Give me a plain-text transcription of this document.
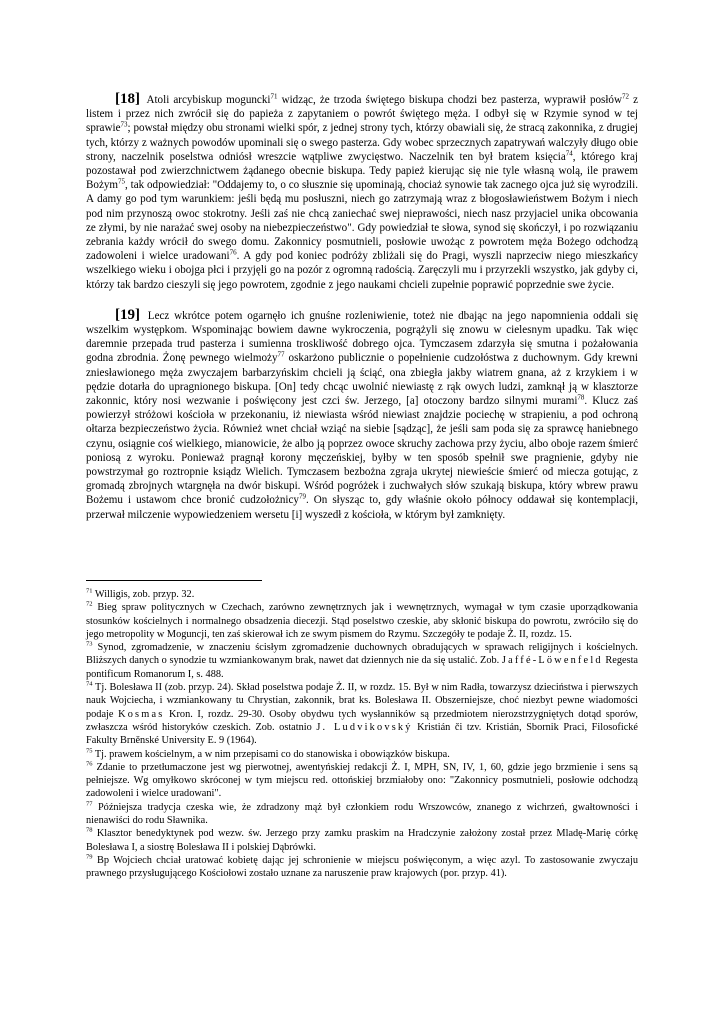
[18] Atoli arcybiskup moguncki$^{71}$ widząc, że trzoda świętego biskupa chodzi bez pasterza, wyprawił posłów$^{72}$ z listem i przez nich zwrócił się do papieża z zapytaniem o powrót świętego męża. I odbył się w Rzymie synod w tej sprawie$^{73}$; powstał między obu stronami wielki spór, z jednej strony tych, którzy obawiali się, że stracą zakonnika, z drugiej tych, którzy z ważnych powodów upominali się o swego pasterza. Gdy wobec sprzecznych zapatrywań walczyły długo obie strony, naczelnik poselstwa odniósł wreszcie wątpliwe zwycięstwo. Naczelnik ten był bratem księcia$^{74}$, którego kraj pozostawał pod zwierzchnictwem żądanego obecnie biskupa. Tedy papież kierując się nie tyle własną wolą, ile prawem Bożym$^{75}$, tak odpowiedział: "Oddajemy to, o co słusznie się upominają, chociaż synowie tak zacnego ojca już się wyrodzili. A damy go pod tym warunkiem: jeśli będą mu posłuszni, niech go zatrzymają wraz z błogosławieństwem Bożym i niech pod nim przynoszą owoc stokrotny. Jeśli zaś nie chcą zaniechać swej nieprawości, niech nasz przyjaciel unika obcowania ze złymi, by nie narażać swej osoby na niebezpieczeństwo". Gdy powiedział te słowa, synod się skończył, i po rozwiązaniu zebrania każdy wrócił do swego domu. Zakonnicy posmutnieli, posłowie uwożąc z powrotem męża Bożego odchodzą zadowoleni i wielce uradowani$^{76}$. A gdy pod koniec podróży zbliżali się do Pragi, wyszli naprzeciw niego mieszkańcy wszelkiego wieku i obojga płci i przyjęli go na pozór z ogromną radością. Zaręczyli mu i przyrzekli wszystko, jak gdyby ci, którzy tak bardzo cieszyli się jego powrotem, zgodnie z jego naukami chcieli zupełnie poprawić poprzednie swe życie.

[19] Lecz wkrótce potem ogarnęło ich gnuśne rozleniwienie, toteż nie dbając na jego napomnienia oddali się wszelkim występkom. Wspominając bowiem dawne wykroczenia, pogrążyli się znowu w cielesnym upadku. Tak więc daremnie przepada trud pasterza i sumienna troskliwość dobrego ojca. Tymczasem zdarzyła się smutna i pożałowania godna zbrodnia. Żonę pewnego wielmoży$^{77}$ oskarżono publicznie o popełnienie cudzołóstwa z duchownym. Gdy krewni zniesławionego męża zwyczajem barbarzyńskim chcieli ją ściąć, ona zbiegła jakby wiatrem gnana, aż z krzykiem i w pędzie dotarła do upragnionego biskupa. [On] tedy chcąc uwolnić niewiastę z rąk owych ludzi, zamknął ją w klasztorze zakonnic, który nosi wezwanie i poświęcony jest czci św. Jerzego, [a] otoczony bardzo silnymi murami$^{78}$. Klucz zaś powierzył stróżowi kościoła w przekonaniu, iż niewiasta wśród niewiast znajdzie pociechę w strapieniu, a pod ochroną ołtarza bezpieczeństwo życia. Również wnet chciał wziąć na siebie [sądząc], że jeśli sam poda się za sprawcę haniebnego czynu, osiągnie coś wielkiego, mianowicie, że albo ją poprzez owoce skruchy zachowa przy życiu, albo oboje razem śmierć poniosą z wyroku. Ponieważ pragnął korony męczeńskiej, byłby w ten sposób spełnił swe pragnienie, gdyby nie powstrzymał go roztropnie ksiądz Wielich. Tymczasem bezbożna zgraja ukrytej niewieście śmierć od miecza gotując, z gromadą zbrojnych wtargnęła na dwór biskupi. Wśród pogróżek i zuchwałych słów szukają biskupa, który wbrew prawu Bożemu i ustawom chce bronić cudzołożnicy$^{79}$. On słysząc to, gdy właśnie około północy oddawał się kontemplacji, przerwał milczenie wypowiedzeniem wersetu [i] wyszedł z kościoła, w którym był zamknięty.

$^{71}$ Willigis, zob. przyp. 32.

$^{72}$ Bieg spraw politycznych w Czechach, zarówno zewnętrznych jak i wewnętrznych, wymagał w tym czasie uporządkowania stosunków kościelnych i normalnego obsadzenia diecezji. Stąd poselstwo czeskie, aby skłonić biskupa do powrotu, zwróciło się do jego metropolity w Moguncji, ten zaś skierował ich ze swym pismem do Rzymu. Szczegóły te podaje Ż. II, rozdz. 15.

$^{73}$ Synod, zgromadzenie, w znaczeniu ścisłym zgromadzenie duchownych obradujących w sprawach religijnych i kościelnych. Bliższych danych o synodzie tu wzmiankowanym brak, nawet dat dziennych nie da się ustalić. Zob. Jaffé-Löwenfeld Regesta pontificum Romanorum I, s. 488.

$^{74}$ Tj. Bolesława II (zob. przyp. 24). Skład poselstwa podaje Ż. II, w rozdz. 15. Był w nim Radła, towarzysz dzieciństwa i pierwszych nauk Wojciecha, i wzmiankowany tu Chrystian, zakonnik, brat ks. Bolesława II. Obszerniejsze, choć niezbyt pewne wiadomości podaje Kosmas Kron. I, rozdz. 29-30. Osoby obydwu tych wysłanników są przedmiotem nierozstrzygniętych dotąd sporów, zwłaszcza wśród historyków czeskich. Zob. ostatnio J. Ludvikovský Kristián či tzv. Kristián, Sbornik Praci, Filosofické Fakulty Brněnské University E. 9 (1964).

$^{75}$ Tj. prawem kościelnym, a w nim przepisami co do stanowiska i obowiązków biskupa.

$^{76}$ Zdanie to przetłumaczone jest wg pierwotnej, awentyńskiej redakcji Ż. I, MPH, SN, IV, 1, 60, gdzie jego brzmienie i sens są pełniejsze. Wg omyłkowo skróconej w tym miejscu red. ottońskiej brzmiałoby ono: "Zakonnicy posmutnieli, posłowie odchodzą zadowoleni i wielce uradowani".

$^{77}$ Późniejsza tradycja czeska wie, że zdradzony mąż był członkiem rodu Wrszowców, znanego z wichrzeń, gwałtowności i nienawiści do rodu Sławnika.

$^{78}$ Klasztor benedyktynek pod wezw. św. Jerzego przy zamku praskim na Hradczynie założony został przez Mladę-Marię córkę Bolesława I, a siostrę Bolesława II i polskiej Dąbrówki.

$^{79}$ Bp Wojciech chciał uratować kobietę dając jej schronienie w miejscu poświęconym, a więc azyl. To zastosowanie zwyczaju prawnego przysługującego Kościołowi zostało uznane za naruszenie praw krajowych (por. przyp. 41).
